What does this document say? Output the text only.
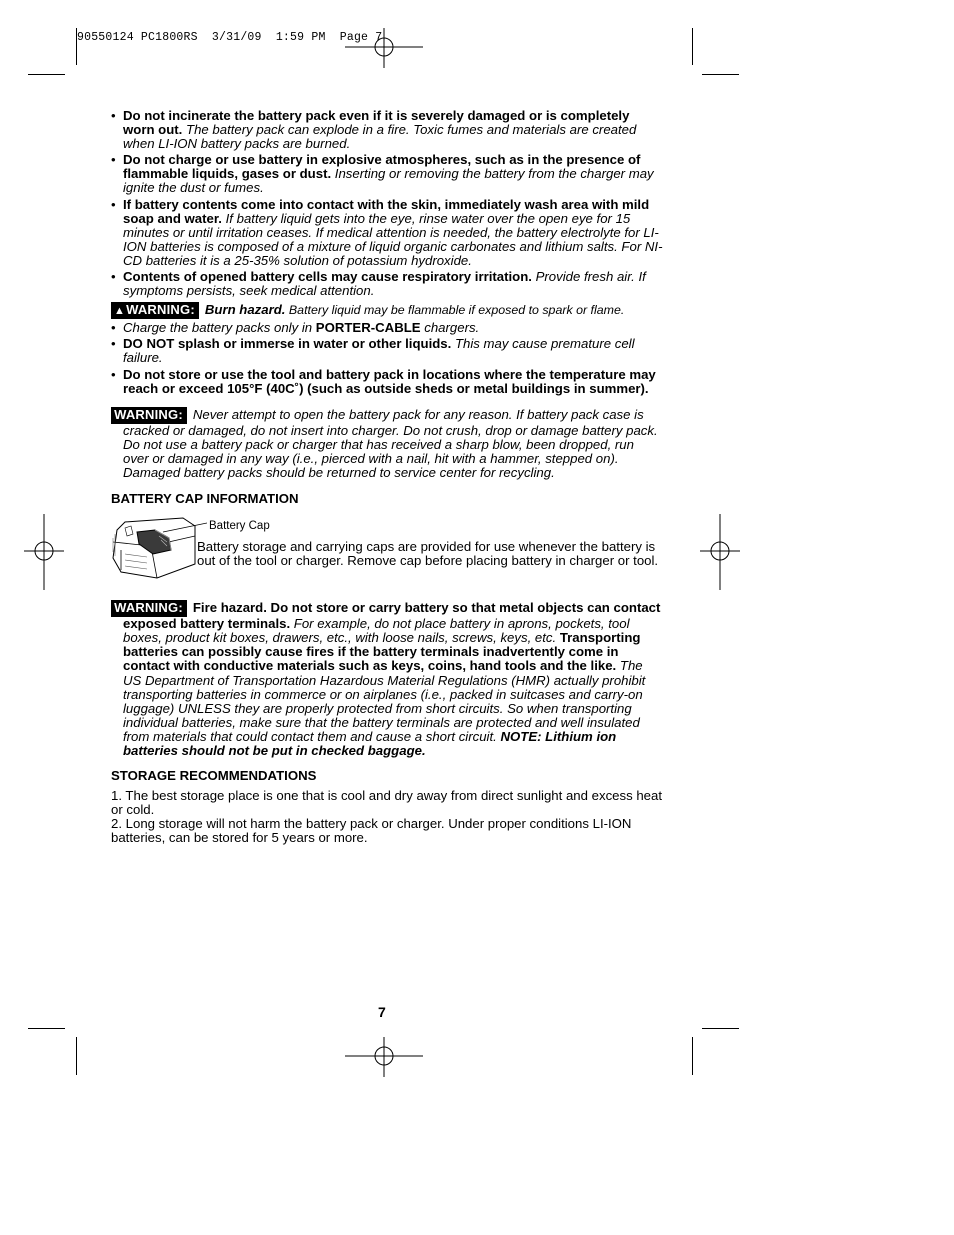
90550124 PC1800RS  3/31/09  1:59 PM  Page 7
• Do not incinerate the battery pack even if it is severely damaged or is completely worn out. The battery pack can explode in a fire. Toxic fumes and materials are created when LI-ION battery packs are burned.
• Do not charge or use battery in explosive atmospheres, such as in the presence of flammable liquids, gases or dust. Inserting or removing the battery from the charger may ignite the dust or fumes.
• If battery contents come into contact with the skin, immediately wash area with mild soap and water. If battery liquid gets into the eye, rinse water over the open eye for 15 minutes or until irritation ceases. If medical attention is needed, the battery electrolyte for LI-ION batteries is composed of a mixture of liquid organic carbonates and lithium salts. For NI-CD batteries it is a 25-35% solution of potassium hydroxide.
• Contents of opened battery cells may cause respiratory irritation. Provide fresh air. If symptoms persists, seek medical attention.
▲WARNING: Burn hazard. Battery liquid may be flammable if exposed to spark or flame.
• Charge the battery packs only in PORTER-CABLE chargers.
• DO NOT splash or immerse in water or other liquids. This may cause premature cell failure.
• Do not store or use the tool and battery pack in locations where the temperature may reach or exceed 105°F (40C˚) (such as outside sheds or metal buildings in summer).
▲WARNING: Never attempt to open the battery pack for any reason. If battery pack case is cracked or damaged, do not insert into charger. Do not crush, drop or damage battery pack. Do not use a battery pack or charger that has received a sharp blow, been dropped, run over or damaged in any way (i.e., pierced with a nail, hit with a hammer, stepped on). Damaged battery packs should be returned to service center for recycling.
BATTERY CAP INFORMATION
Battery Cap
Battery storage and carrying caps are provided for use whenever the battery is out of the tool or charger. Remove cap before placing battery in charger or tool.
▲WARNING: Fire hazard. Do not store or carry battery so that metal objects can contact exposed battery terminals. For example, do not place battery in aprons, pockets, tool boxes, product kit boxes, drawers, etc., with loose nails, screws, keys, etc. Transporting batteries can possibly cause fires if the battery terminals inadvertently come in contact with conductive materials such as keys, coins, hand tools and the like. The US Department of Transportation Hazardous Material Regulations (HMR) actually prohibit transporting batteries in commerce or on airplanes (i.e., packed in suitcases and carry-on luggage) UNLESS they are properly protected from short circuits. So when transporting individual batteries, make sure that the battery terminals are protected and well insulated from materials that could contact them and cause a short circuit. NOTE: Lithium ion batteries should not be put in checked baggage.
STORAGE RECOMMENDATIONS
1. The best storage place is one that is cool and dry away from direct sunlight and excess heat or cold.
2. Long storage will not harm the battery pack or charger. Under proper conditions LI-ION batteries, can be stored for 5 years or more.
7
